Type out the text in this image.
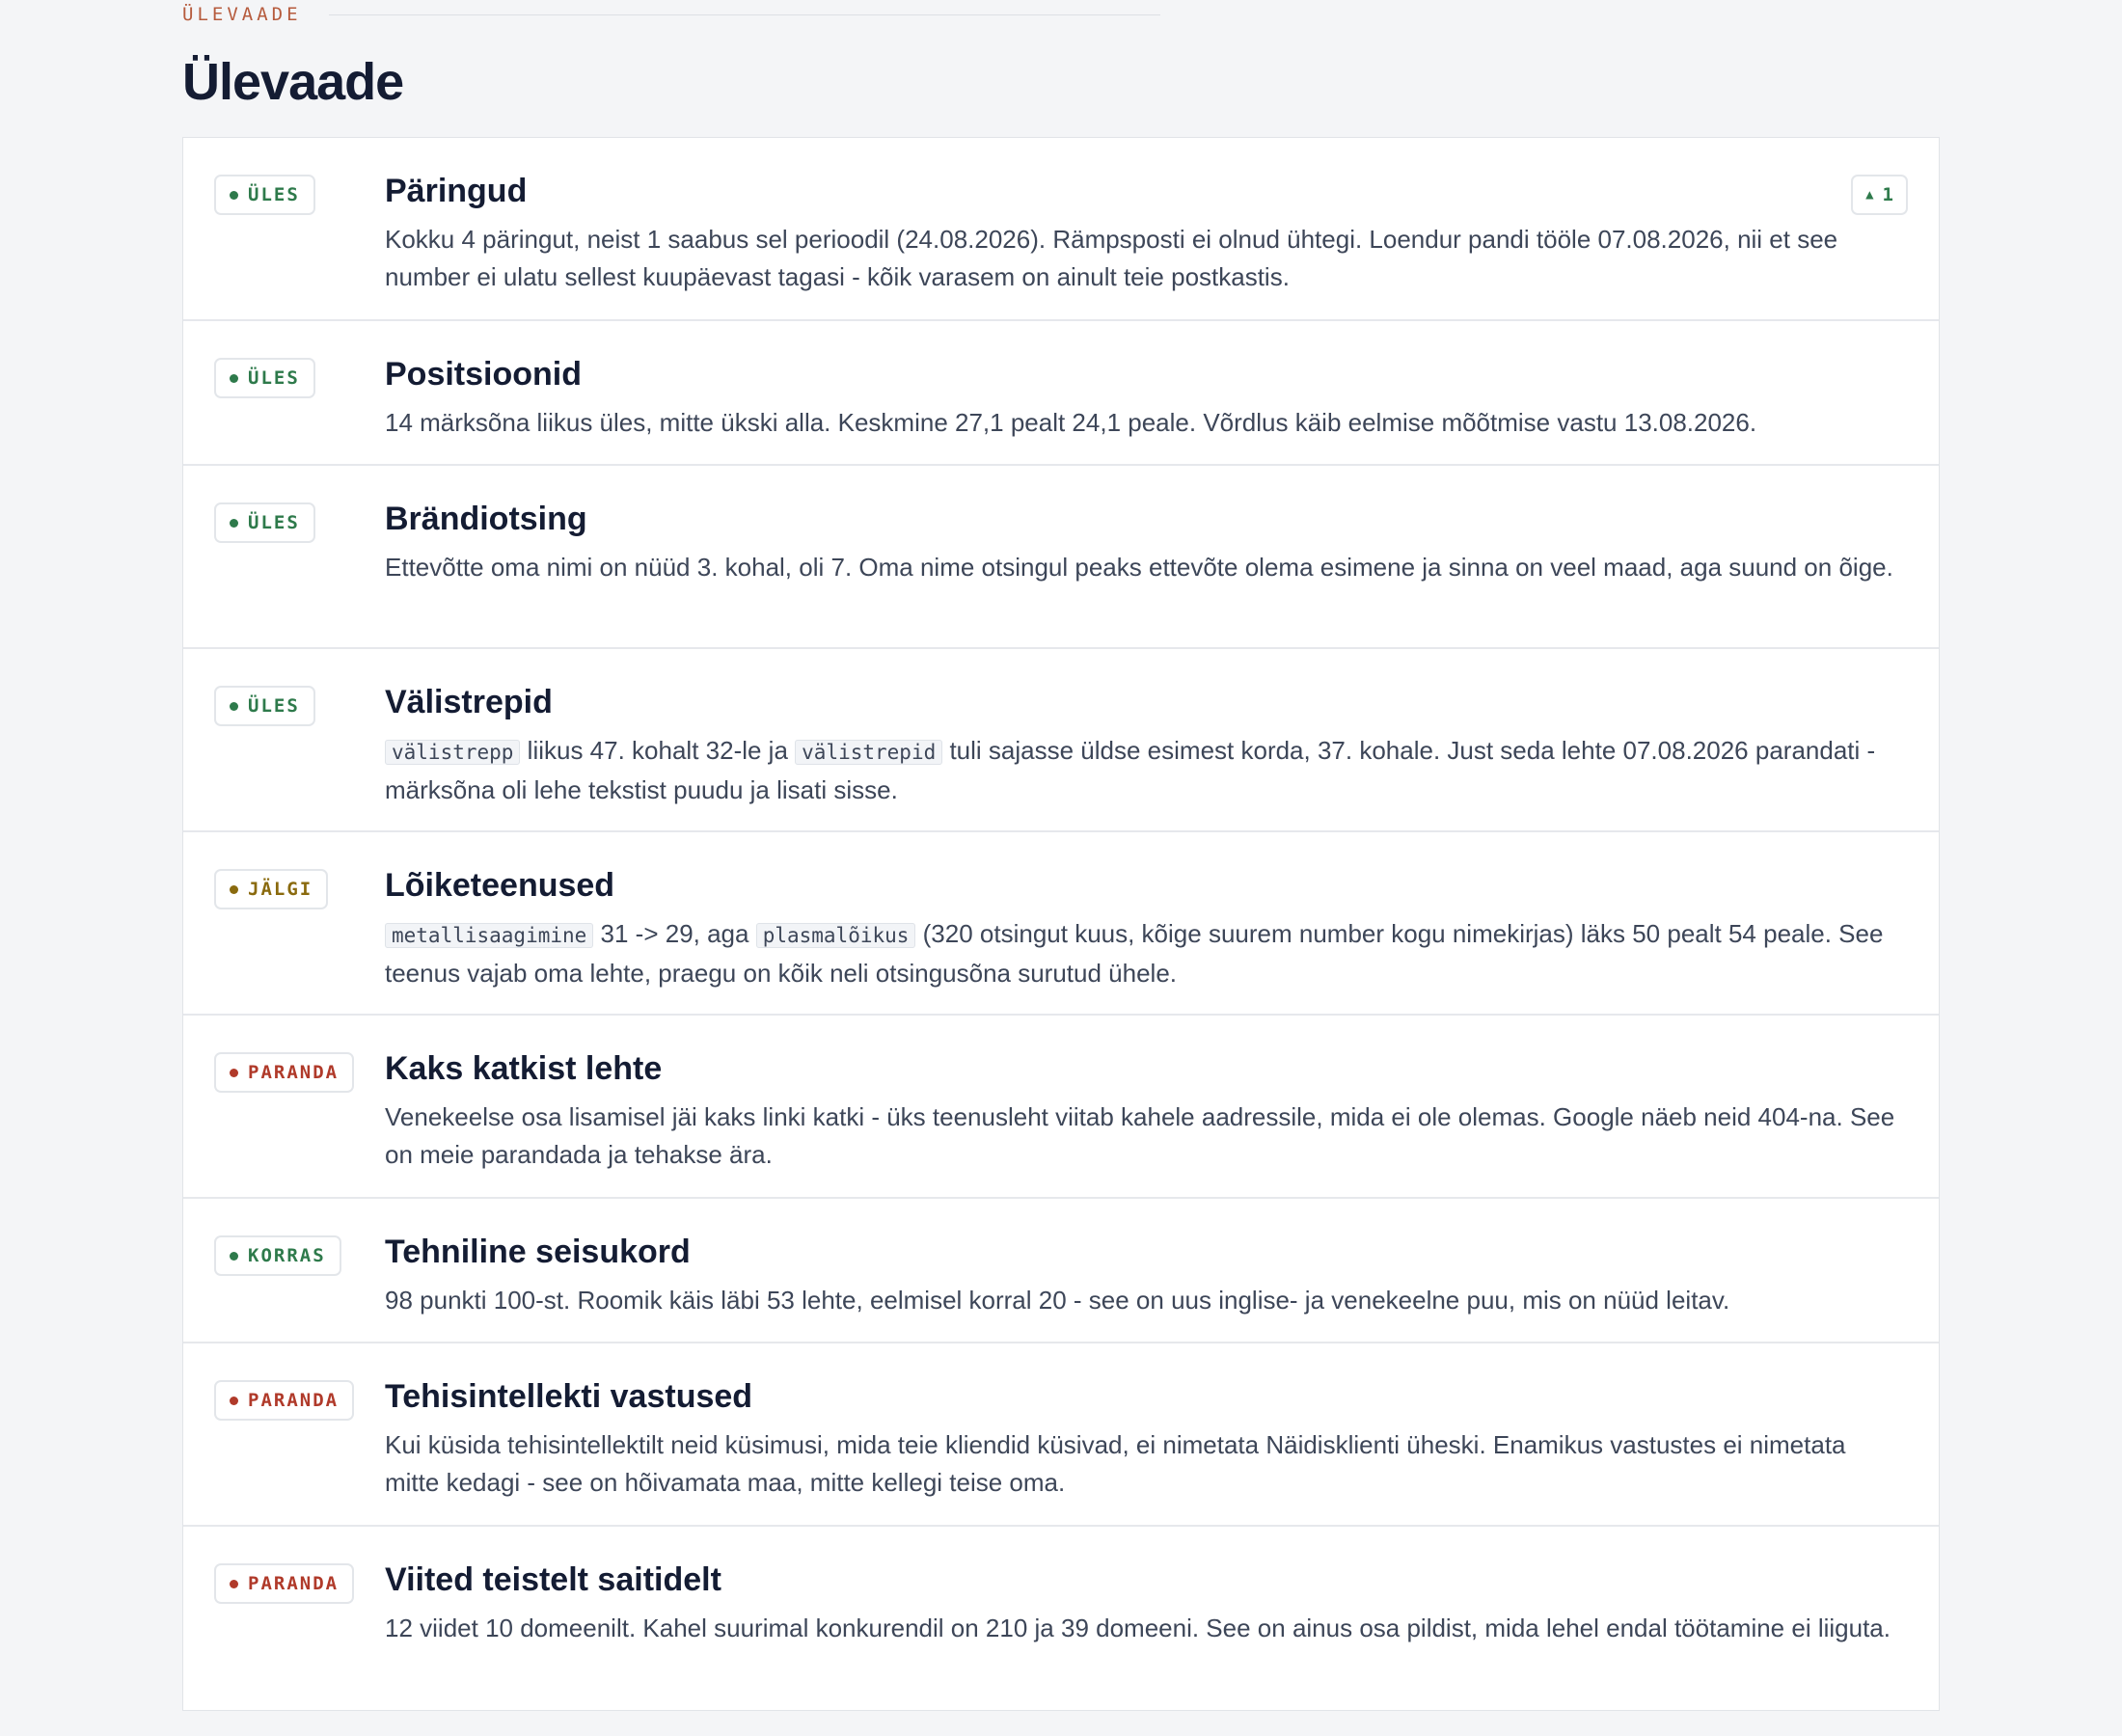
ÜLEVAADE
Ülevaade
ÜLES	Päringud

Kokku 4 päringut, neist 1 saabus sel perioodil (24.08.2026). Rämpsposti ei olnud ühtegi. Loendur pandi tööle 07.08.2026, nii et see number ei ulatu sellest kuupäevast tagasi - kõik varasem on ainult teie postkastis.

▲ 1
ÜLES	Positsioonid

14 märksõna liikus üles, mitte ükski alla. Keskmine 27,1 pealt 24,1 peale. Võrdlus käib eelmise mõõtmise vastu 13.08.2026.

ÜLES	Brändiotsing

Ettevõtte oma nimi on nüüd 3. kohal, oli 7. Oma nime otsingul peaks ettevõte olema esimene ja sinna on veel maad, aga suund on õige.

ÜLES	Välistrepid

välistrepp liikus 47. kohalt 32-le ja välistrepid tuli sajasse üldse esimest korda, 37. kohale. Just seda lehte 07.08.2026 parandati - märksõna oli lehe tekstist puudu ja lisati sisse.

JÄLGI Lõiketeenused

metallisaagimine 31 -> 29, aga plasmalõikus (320 otsingut kuus, kõige suurem number kogu nimekirjas) läks 50 pealt 54 peale. See teenus vajab oma lehte, praegu on kõik neli otsingusõna surutud ühele.

PARANDA Kaks katkist lehte

Venekeelse osa lisamisel jäi kaks linki katki - üks teenusleht viitab kahele aadressile, mida ei ole olemas. Google näeb neid 404-na. See on meie parandada ja tehakse ära.

KORRAS Tehniline seisukord

98 punkti 100-st. Roomik käis läbi 53 lehte, eelmisel korral 20 - see on uus inglise- ja venekeelne puu, mis on nüüd leitav.

PARANDA Tehisintellekti vastused

Kui küsida tehisintellektilt neid küsimusi, mida teie kliendid küsivad, ei nimetata Näidisklienti üheski. Enamikus vastustes ei nimetata mitte kedagi - see on hõivamata maa, mitte kellegi teise oma.

PARANDA Viited teistelt saitidelt

12 viidet 10 domeenilt. Kahel suurimal konkurendil on 210 ja 39 domeeni. See on ainus osa pildist, mida lehel endal töötamine ei liiguta.
